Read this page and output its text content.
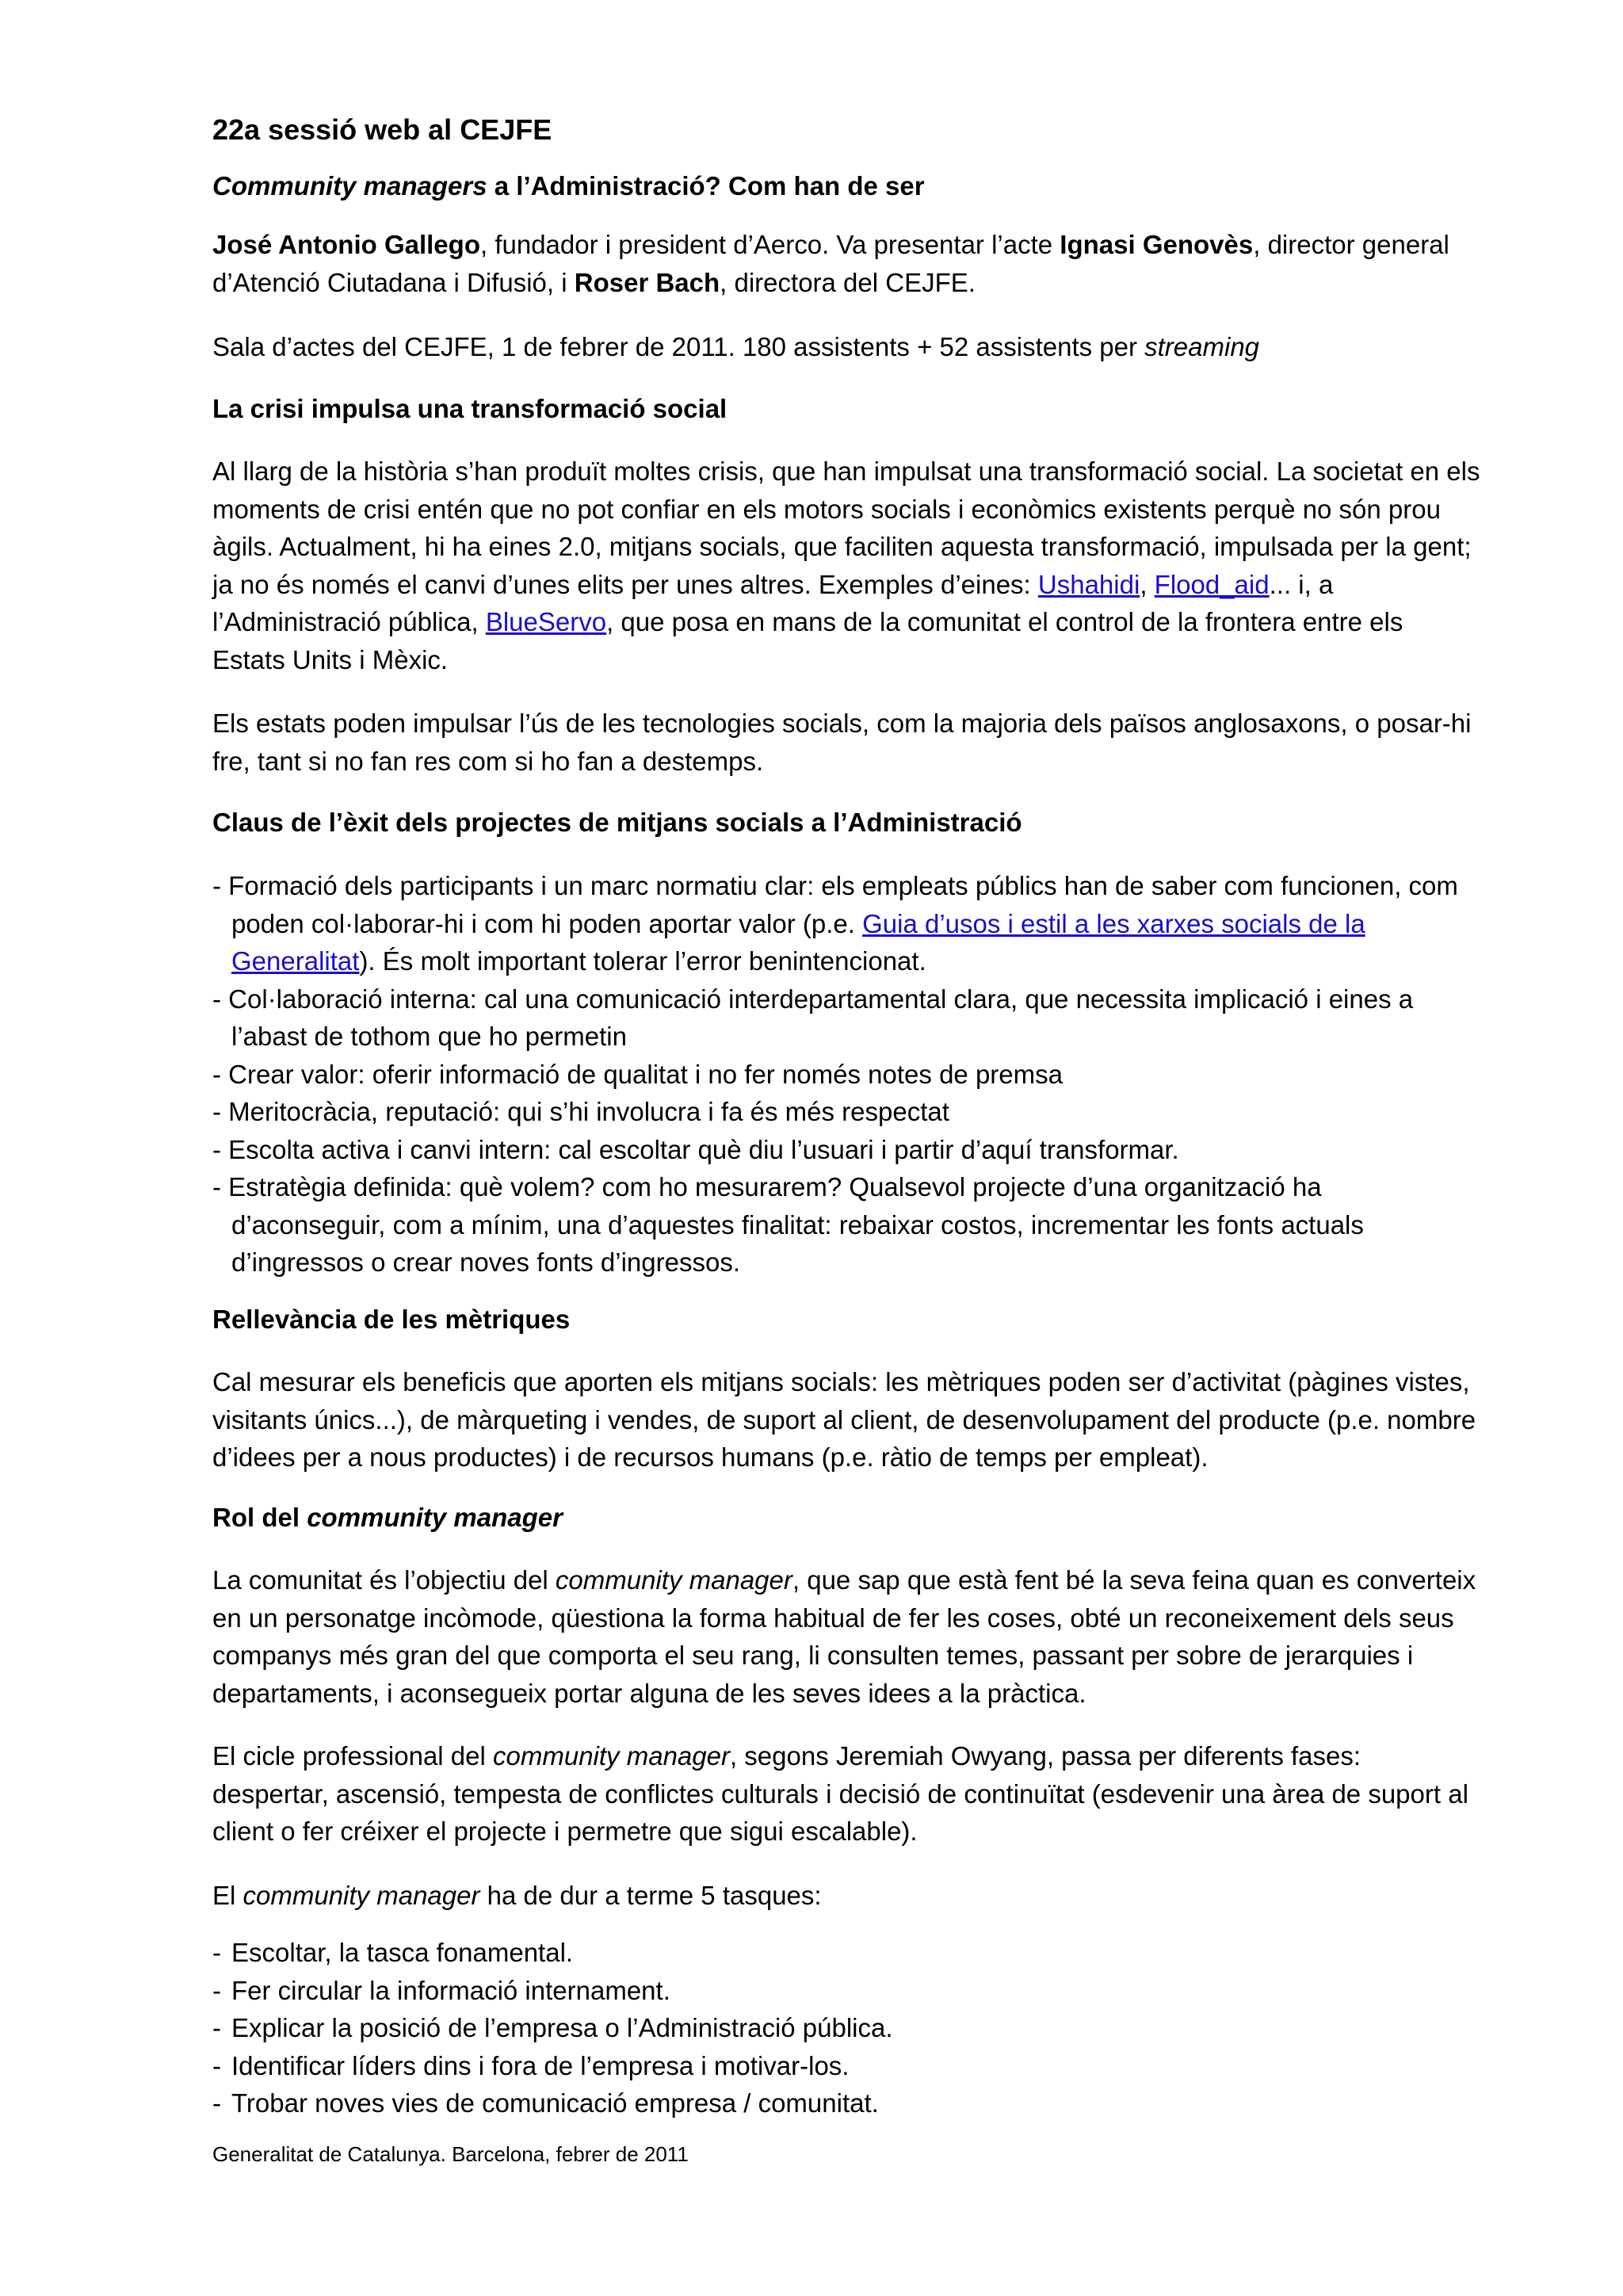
22a sessió web al CEJFE
Community managers a l’Administració? Com han de ser

José Antonio Gallego, fundador i president d’Aerco. Va presentar l’acte Ignasi Genovès, director general d’Atenció Ciutadana i Difusió, i Roser Bach, directora del CEJFE.

Sala d’actes del CEJFE, 1 de febrer de 2011. 180 assistents + 52 assistents per streaming

La crisi impulsa una transformació social

Al llarg de la història s’han produït moltes crisis, que han impulsat una transformació social. La societat en els moments de crisi entén que no pot confiar en els motors socials i econòmics existents perquè no són prou àgils. Actualment, hi ha eines 2.0, mitjans socials, que faciliten aquesta transformació, impulsada per la gent; ja no és només el canvi d’unes elits per unes altres. Exemples d’eines: Ushahidi, Flood_aid... i, a l’Administració pública, BlueServo, que posa en mans de la comunitat el control de la frontera entre els Estats Units i Mèxic.

Els estats poden impulsar l’ús de les tecnologies socials, com la majoria dels països anglosaxons, o posar-hi fre, tant si no fan res com si ho fan a destemps.

Claus de l’èxit dels projectes de mitjans socials a l’Administració
- Formació dels participants i un marc normatiu clar: els empleats públics han de saber com funcionen, com poden col·laborar-hi i com hi poden aportar valor (p.e. Guia d’usos i estil a les xarxes socials de la Generalitat). És molt important tolerar l’error benintencionat.
- Col·laboració interna: cal una comunicació interdepartamental clara, que necessita implicació i eines a l’abast de tothom que ho permetin
- Crear valor: oferir informació de qualitat i no fer només notes de premsa
- Meritocràcia, reputació: qui s’hi involucra i fa és més respectat
- Escolta activa i canvi intern: cal escoltar què diu l’usuari i partir d’aquí transformar.
- Estratègia definida: què volem? com ho mesurarem? Qualsevol projecte d’una organització ha d’aconseguir, com a mínim, una d’aquestes finalitat: rebaixar costos, incrementar les fonts actuals d’ingressos o crear noves fonts d’ingressos.
Rellevància de les mètriques

Cal mesurar els beneficis que aporten els mitjans socials: les mètriques poden ser d’activitat (pàgines vistes, visitants únics...), de màrqueting i vendes, de suport al client, de desenvolupament del producte (p.e. nombre d’idees per a nous productes) i de recursos humans (p.e. ràtio de temps per empleat).

Rol del community manager

La comunitat és l’objectiu del community manager, que sap que està fent bé la seva feina quan es converteix en un personatge incòmode, qüestiona la forma habitual de fer les coses, obté un reconeixement dels seus companys més gran del que comporta el seu rang, li consulten temes, passant per sobre de jerarquies i departaments, i aconsegueix portar alguna de les seves idees a la pràctica.

El cicle professional del community manager, segons Jeremiah Owyang, passa per diferents fases: despertar, ascensió, tempesta de conflictes culturals i decisió de continuïtat (esdevenir una àrea de suport al client o fer créixer el projecte i permetre que sigui escalable).

El community manager ha de dur a terme 5 tasques:

- Escoltar, la tasca fonamental.
- Fer circular la informació internament.
- Explicar la posició de l’empresa o l’Administració pública.
- Identificar líders dins i fora de l’empresa i motivar-los.
- Trobar noves vies de comunicació empresa / comunitat.

Generalitat de Catalunya. Barcelona, febrer de 2011
